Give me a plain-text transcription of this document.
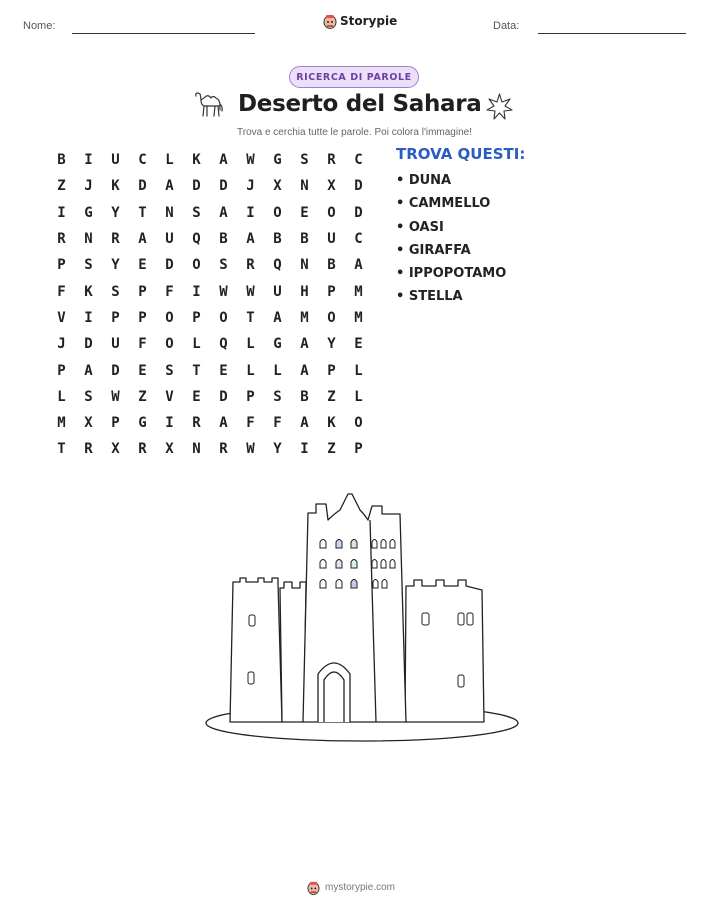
Nome:	Data:
Storypie
RICERCA DI PAROLE
Deserto del Sahara
Trova e cerchia tutte le parole. Poi colora l'immagine!
B	I	U	C	L	K	A	W	G	S	R	C
Z	J	K	D	A	D	D	J	X	N	X	D
I	G	Y	T	N	S	A	I	O	E	O	D
R	N	R	A	U	Q	B	A	B	B	U	C
P	S	Y	E	D	O	S	R	Q	N	B	A
F	K	S	P	F	I	W	W	U	H	P	M
V	I	P	P	O	P	O	T	A	M	O	M
J	D	U	F	O	L	Q	L	G	A	Y	E
P	A	D	E	S	T	E	L	L	A	P	L
L	S	W	Z	V	E	D	P	S	B	Z	L
M	X	P	G	I	R	A	F	F	A	K	O
T	R	X	R	X	N	R	W	Y	I	Z	P
TROVA QUESTI:
• DUNA
• CAMMELLO
• OASI
• GIRAFFA
• IPPOPOTAMO
• STELLA
mystorypie.com
